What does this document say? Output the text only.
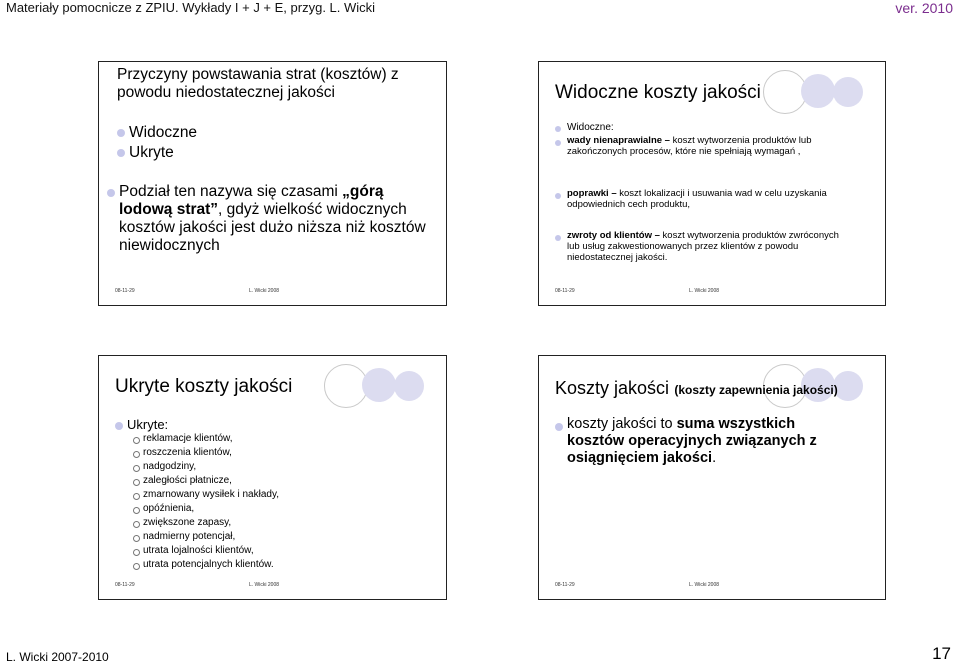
Materiały pomocnicze z ZPIU. Wykłady I + J + E, przyg. L. Wicki	ver. 2010
Przyczyny powstawania strat (kosztów) z powodu niedostatecznej jakości
Widoczne
Ukryte
Podział ten nazywa się czasami „górą lodową strat”, gdyż wielkość widocznych kosztów jakości jest dużo niższa niż kosztów niewidocznych
08-11-29	L. Wicki 2008
Widoczne koszty jakości
Widoczne:
wady nienaprawialne – koszt wytworzenia produktów lub zakończonych procesów, które nie spełniają wymagań ,
poprawki – koszt lokalizacji i usuwania wad w celu uzyskania odpowiednich cech produktu,
zwroty od klientów – koszt wytworzenia produktów zwróconych lub usług zakwestionowanych przez klientów z powodu niedostatecznej jakości.
08-11-29	L. Wicki 2008
Ukryte koszty jakości
Ukryte:
reklamacje klientów,
roszczenia klientów,
nadgodziny,
zaległości płatnicze,
zmarnowany wysiłek i nakłady,
opóźnienia,
zwiększone zapasy,
nadmierny potencjał,
utrata lojalności klientów,
utrata potencjalnych klientów.
08-11-29	L. Wicki 2008
Koszty jakości (koszty zapewnienia jakości)
koszty jakości to suma wszystkich kosztów operacyjnych związanych z osiągnięciem jakości.
08-11-29	L. Wicki 2008
L. Wicki 2007-2010	17
